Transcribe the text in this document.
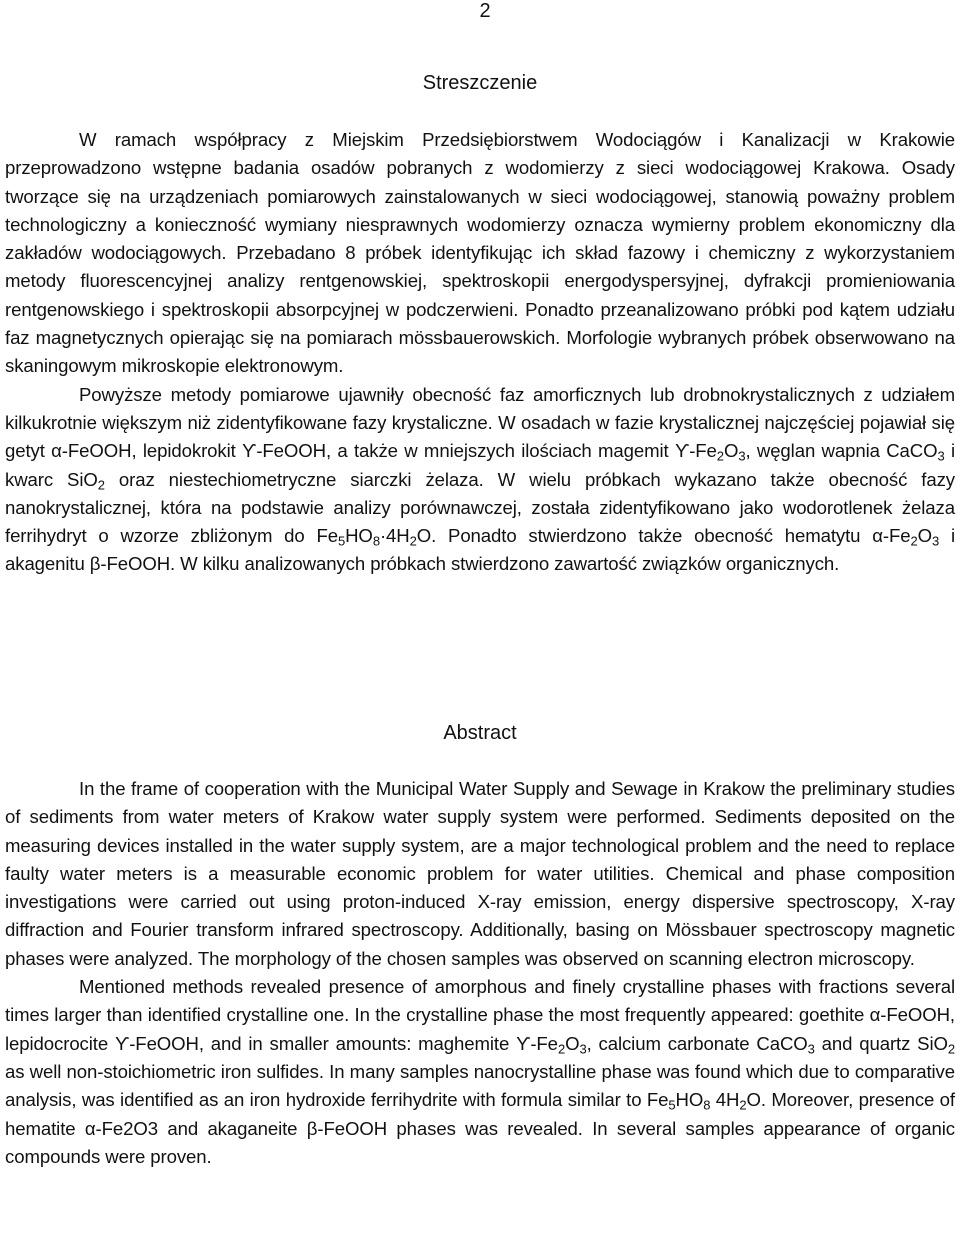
2
Streszczenie

W ramach współpracy z Miejskim Przedsiębiorstwem Wodociągów i Kanalizacji w Krakowie przeprowadzono wstępne badania osadów pobranych z wodomierzy z sieci wodociągowej Krakowa. Osady tworzące się na urządzeniach pomiarowych zainstalowanych w sieci wodociągowej, stanowią poważny problem technologiczny a konieczność wymiany niesprawnych wodomierzy oznacza wymierny problem ekonomiczny dla zakładów wodociągowych. Przebadano 8 próbek identyfikując ich skład fazowy i chemiczny z wykorzystaniem metody fluorescencyjnej analizy rentgenowskiej, spektroskopii energodyspersyjnej, dyfrakcji promieniowania rentgenowskiego i spektroskopii absorpcyjnej w podczerwieni. Ponadto przeanalizowano próbki pod kątem udziału faz magnetycznych opierając się na pomiarach mössbauerowskich. Morfologie wybranych próbek obserwowano na skaningowym mikroskopie elektronowym.

Powyższe metody pomiarowe ujawniły obecność faz amorficznych lub drobnokrystalicznych z udziałem kilkukrotnie większym niż zidentyfikowane fazy krystaliczne. W osadach w fazie krystalicznej najczęściej pojawiał się getyt α-FeOOH, lepidokrokit ϒ-FeOOH, a także w mniejszych ilościach magemit $ϒ-Fe_2O_3$, węglan wapnia CaCO$_3$ i kwarc SiO$_2$ oraz niestechiometryczne siarczki żelaza. W wielu próbkach wykazano także obecność fazy nanokrystalicznej, która na podstawie analizy porównawczej, została zidentyfikowano jako wodorotlenek żelaza ferrihydryt o wzorze zbliżonym do $Fe_5HO_8\cdot 4H_2O$. Ponadto stwierdzono także obecność hematytu $\alpha-Fe_2O_3$ i akagenitu β-FeOOH. W kilku analizowanych próbkach stwierdzono zawartość związków organicznych.

Abstract

In the frame of cooperation with the Municipal Water Supply and Sewage in Krakow the preliminary studies of sediments from water meters of Krakow water supply system were performed. Sediments deposited on the measuring devices installed in the water supply system, are a major technological problem and the need to replace faulty water meters is a measurable economic problem for water utilities. Chemical and phase composition investigations were carried out using proton-induced X-ray emission, energy dispersive spectroscopy, X-ray diffraction and Fourier transform infrared spectroscopy. Additionally, basing on Mössbauer spectroscopy magnetic phases were analyzed. The morphology of the chosen samples was observed on scanning electron microscopy.

Mentioned methods revealed presence of amorphous and finely crystalline phases with fractions several times larger than identified crystalline one. In the crystalline phase the most frequently appeared: goethite α-FeOOH, lepidocrocite ϒ-FeOOH, and in smaller amounts: maghemite $ϒ-Fe_2O_3$, calcium carbonate CaCO$_3$ and quartz SiO$_2$ as well non-stoichiometric iron sulfides. In many samples nanocrystalline phase was found which due to comparative analysis, was identified as an iron hydroxide ferrihydrite with formula similar to $Fe_5HO_8$ $4H_2O$. Moreover, presence of hematite α-Fe2O3 and akaganeite β-FeOOH phases was revealed. In several samples appearance of organic compounds were proven.
